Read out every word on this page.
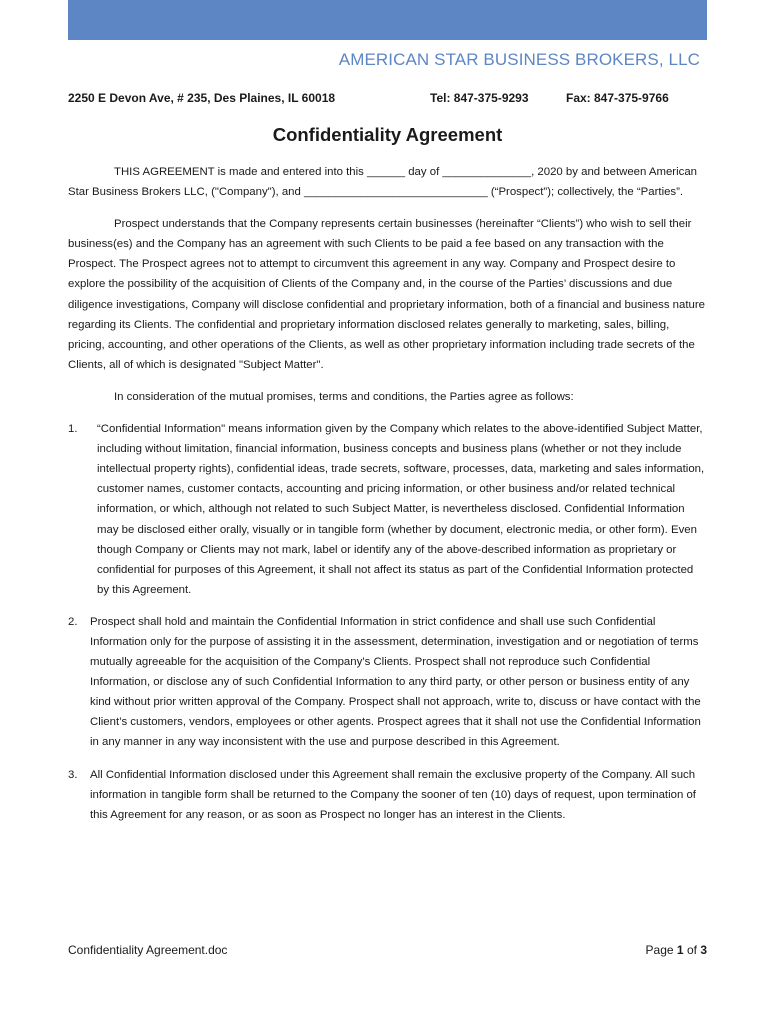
AMERICAN STAR BUSINESS BROKERS, LLC
2250 E Devon Ave, # 235, Des Plaines, IL 60018	Tel: 847-375-9293	Fax: 847-375-9766
Confidentiality Agreement

THIS AGREEMENT is made and entered into this ______ day of ______________, 2020 by and between American Star Business Brokers LLC, ("Company"), and _____________________________ (“Prospect”); collectively, the “Parties”.

Prospect understands that the Company represents certain businesses (hereinafter “Clients”) who wish to sell their business(es) and the Company has an agreement with such Clients to be paid a fee based on any transaction with the Prospect. The Prospect agrees not to attempt to circumvent this agreement in any way. Company and Prospect desire to explore the possibility of the acquisition of Clients of the Company and, in the course of the Parties’ discussions and due diligence investigations, Company will disclose confidential and proprietary information, both of a financial and business nature regarding its Clients. The confidential and proprietary information disclosed relates generally to marketing, sales, billing, pricing, accounting, and other operations of the Clients, as well as other proprietary information including trade secrets of the Clients, all of which is designated "Subject Matter".

In consideration of the mutual promises, terms and conditions, the Parties agree as follows:

1.	“Confidential Information" means information given by the Company which relates to the above-identified Subject Matter, including without limitation, financial information, business concepts and business plans (whether or not they include intellectual property rights), confidential ideas, trade secrets, software, processes, data, marketing and sales information, customer names, customer contacts, accounting and pricing information, or other business and/or related technical information, or which, although not related to such Subject Matter, is nevertheless disclosed. Confidential Information may be disclosed either orally, visually or in tangible form (whether by document, electronic media, or other form). Even though Company or Clients may not mark, label or identify any of the above-described information as proprietary or confidential for purposes of this Agreement, it shall not affect its status as part of the Confidential Information protected by this Agreement.
2.	Prospect shall hold and maintain the Confidential Information in strict confidence and shall use such Confidential Information only for the purpose of assisting it in the assessment, determination, investigation and or negotiation of terms mutually agreeable for the acquisition of the Company’s Clients. Prospect shall not reproduce such Confidential Information, or disclose any of such Confidential Information to any third party, or other person or business entity of any kind without prior written approval of the Company. Prospect shall not approach, write to, discuss or have contact with the Client’s customers, vendors, employees or other agents. Prospect agrees that it shall not use the Confidential Information in any manner in any way inconsistent with the use and purpose described in this Agreement.
3.	All Confidential Information disclosed under this Agreement shall remain the exclusive property of the Company. All such information in tangible form shall be returned to the Company the sooner of ten (10) days of request, upon termination of this Agreement for any reason, or as soon as Prospect no longer has an interest in the Clients.
Confidentiality Agreement.doc	Page 1 of 3
